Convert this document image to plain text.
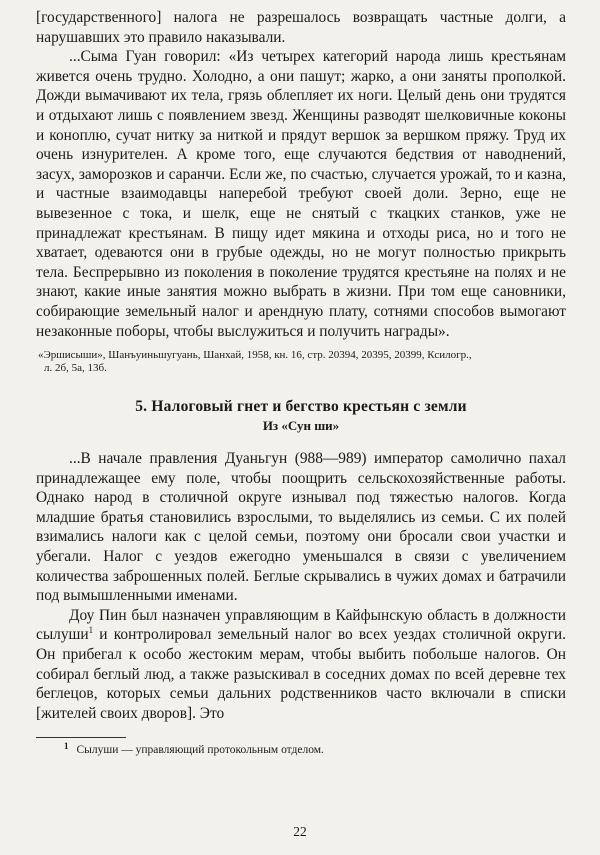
[государственного] налога не разрешалось возвращать частные долги, а нарушавших это правило наказывали.

...Сыма Гуан говорил: «Из четырех категорий народа лишь крестьянам живется очень трудно. Холодно, а они пашут; жарко, а они заняты прополкой. Дожди вымачивают их тела, грязь облепляет их ноги. Целый день они трудятся и отдыхают лишь с появлением звезд. Женщины разводят шелковичные коконы и коноплю, сучат нитку за ниткой и прядут вершок за вершком пряжу. Труд их очень изнурителен. А кроме того, еще случаются бедствия от наводнений, засух, заморозков и саранчи. Если же, по счастью, случается урожай, то и казна, и частные взаимодавцы наперебой требуют своей доли. Зерно, еще не вывезенное с тока, и шелк, еще не снятый с ткацких станков, уже не принадлежат крестьянам. В пищу идет мякина и отходы риса, но и того не хватает, одеваются они в грубые одежды, но не могут полностью прикрыть тела. Беспрерывно из поколения в поколение трудятся крестьяне на полях и не знают, какие иные занятия можно выбрать в жизни. При том еще сановники, собирающие земельный налог и арендную плату, сотнями способов вымогают незаконные поборы, чтобы выслужиться и получить награды».

«Эршисыши», Шанъуиньшугуань, Шанхай, 1958, кн. 16, стр. 20394, 20395, 20399, Ксилогр.,
л. 2б, 5а, 13б.
5. Налоговый гнет и бегство крестьян с земли
Из «Сун ши»

...В начале правления Дуаньгун (988—989) император самолично пахал принадлежащее ему поле, чтобы поощрить сельскохозяйственные работы. Однако народ в столичной округе изнывал под тяжестью налогов. Когда младшие братья становились взрослыми, то выделялись из семьи. С их полей взимались налоги как с целой семьи, поэтому они бросали свои участки и убегали. Налог с уездов ежегодно уменьшался в связи с увеличением количества заброшенных полей. Беглые скрывались в чужих домах и батрачили под вымышленными именами.

Доу Пин был назначен управляющим в Кайфынскую область в должности сылуши$^1$ и контролировал земельный налог во всех уездах столичной округи. Он прибегал к особо жестоким мерам, чтобы выбить побольше налогов. Он собирал беглый люд, а также разыскивал в соседних домах по всей деревне тех беглецов, которых семьи дальних родственников часто включали в списки [жителей своих дворов]. Это

$^1$ Сылуши — управляющий протокольным отделом.
22
